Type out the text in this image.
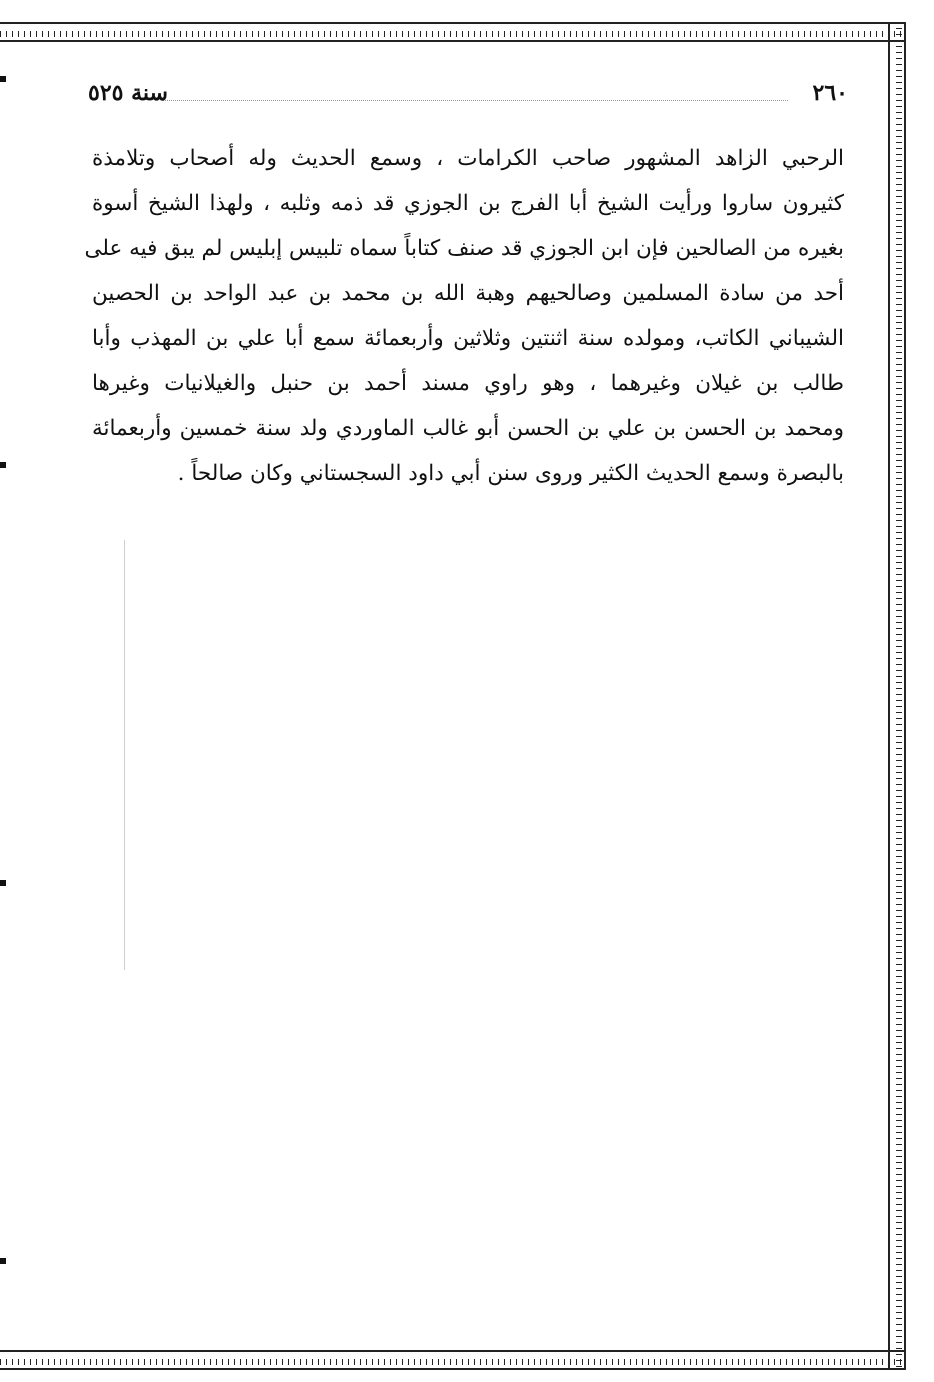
٢٦٠
سنة ٥٢٥

الرحبي الزاهد المشهور صاحب الكرامات ، وسمع الحديث وله أصحاب وتلامذة

كثيرون ساروا ورأيت الشيخ أبا الفرج بن الجوزي قد ذمه وثلبه ، ولهذا الشيخ أسوة

بغيره من الصالحين فإن ابن الجوزي قد صنف كتاباً سماه تلبيس إبليس لم يبق فيه على

أحد من سادة المسلمين وصالحيهم وهبة الله بن محمد بن عبد الواحد بن الحصين

الشيباني الكاتب، ومولده سنة اثنتين وثلاثين وأربعمائة سمع أبا علي بن المهذب وأبا

طالب بن غيلان وغيرهما ، وهو راوي مسند أحمد بن حنبل والغيلانيات وغيرها

ومحمد بن الحسن بن علي بن الحسن أبو غالب الماوردي ولد سنة خمسين وأربعمائة

بالبصرة وسمع الحديث الكثير وروى سنن أبي داود السجستاني وكان صالحاً .
